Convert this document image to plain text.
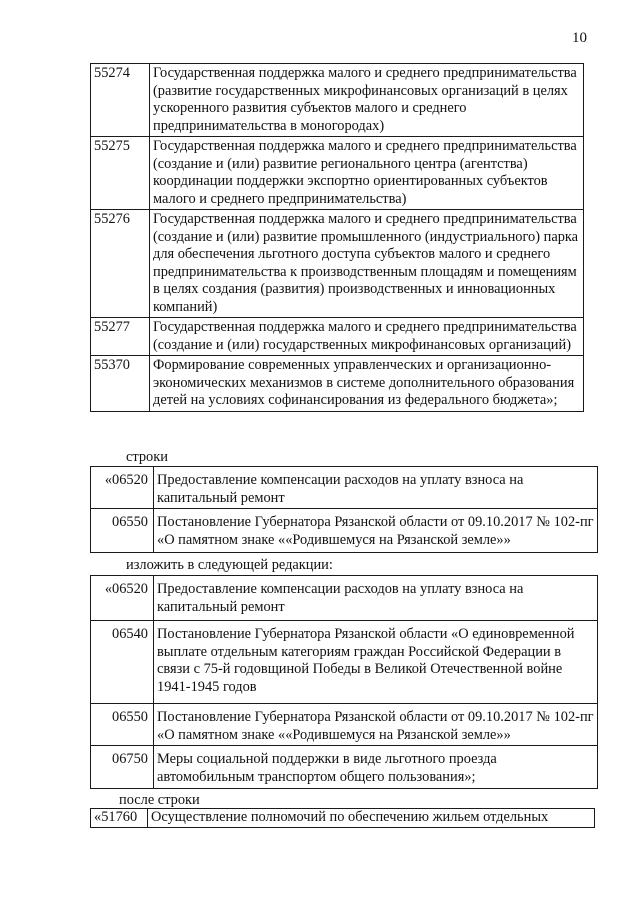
10
55274	Государственная поддержка малого и среднего предпринимательства (развитие государственных микрофинансовых организаций в целях ускоренного развития субъектов малого и среднего предпринимательства в моногородах)
55275	Государственная поддержка малого и среднего предпринимательства (создание и (или) развитие регионального центра (агентства) координации поддержки экспортно ориентированных субъектов малого и среднего предпринимательства)
55276	Государственная поддержка малого и среднего предпринимательства (создание и (или) развитие промышленного (индустриального) парка для обеспечения льготного доступа субъектов малого и среднего предпринимательства к производственным площадям и помещениям в целях создания (развития) производственных и инновационных компаний)
55277	Государственная поддержка малого и среднего предпринимательства (создание и (или) государственных микрофинансовых организаций)
55370	Формирование современных управленческих и организационно-экономических механизмов в системе дополнительного образования детей на условиях софинансирования из федерального бюджета»;
строки
«06520	Предоставление компенсации расходов на уплату взноса на капитальный ремонт
06550	Постановление Губернатора Рязанской области от 09.10.2017 № 102-пг «О памятном знаке ««Родившемуся на Рязанской земле»»
изложить в следующей редакции:
«06520	Предоставление компенсации расходов на уплату взноса на капитальный ремонт
06540	Постановление Губернатора Рязанской области «О единовременной выплате отдельным категориям граждан Российской Федерации в связи с 75-й годовщиной Победы в Великой Отечественной войне 1941-1945 годов
06550	Постановление Губернатора Рязанской области от 09.10.2017 № 102-пг «О памятном знаке ««Родившемуся на Рязанской земле»»
06750	Меры социальной поддержки в виде льготного проезда автомобильным транспортом общего пользования»;
после строки
«51760	Осуществление полномочий по обеспечению жильем отдельных
